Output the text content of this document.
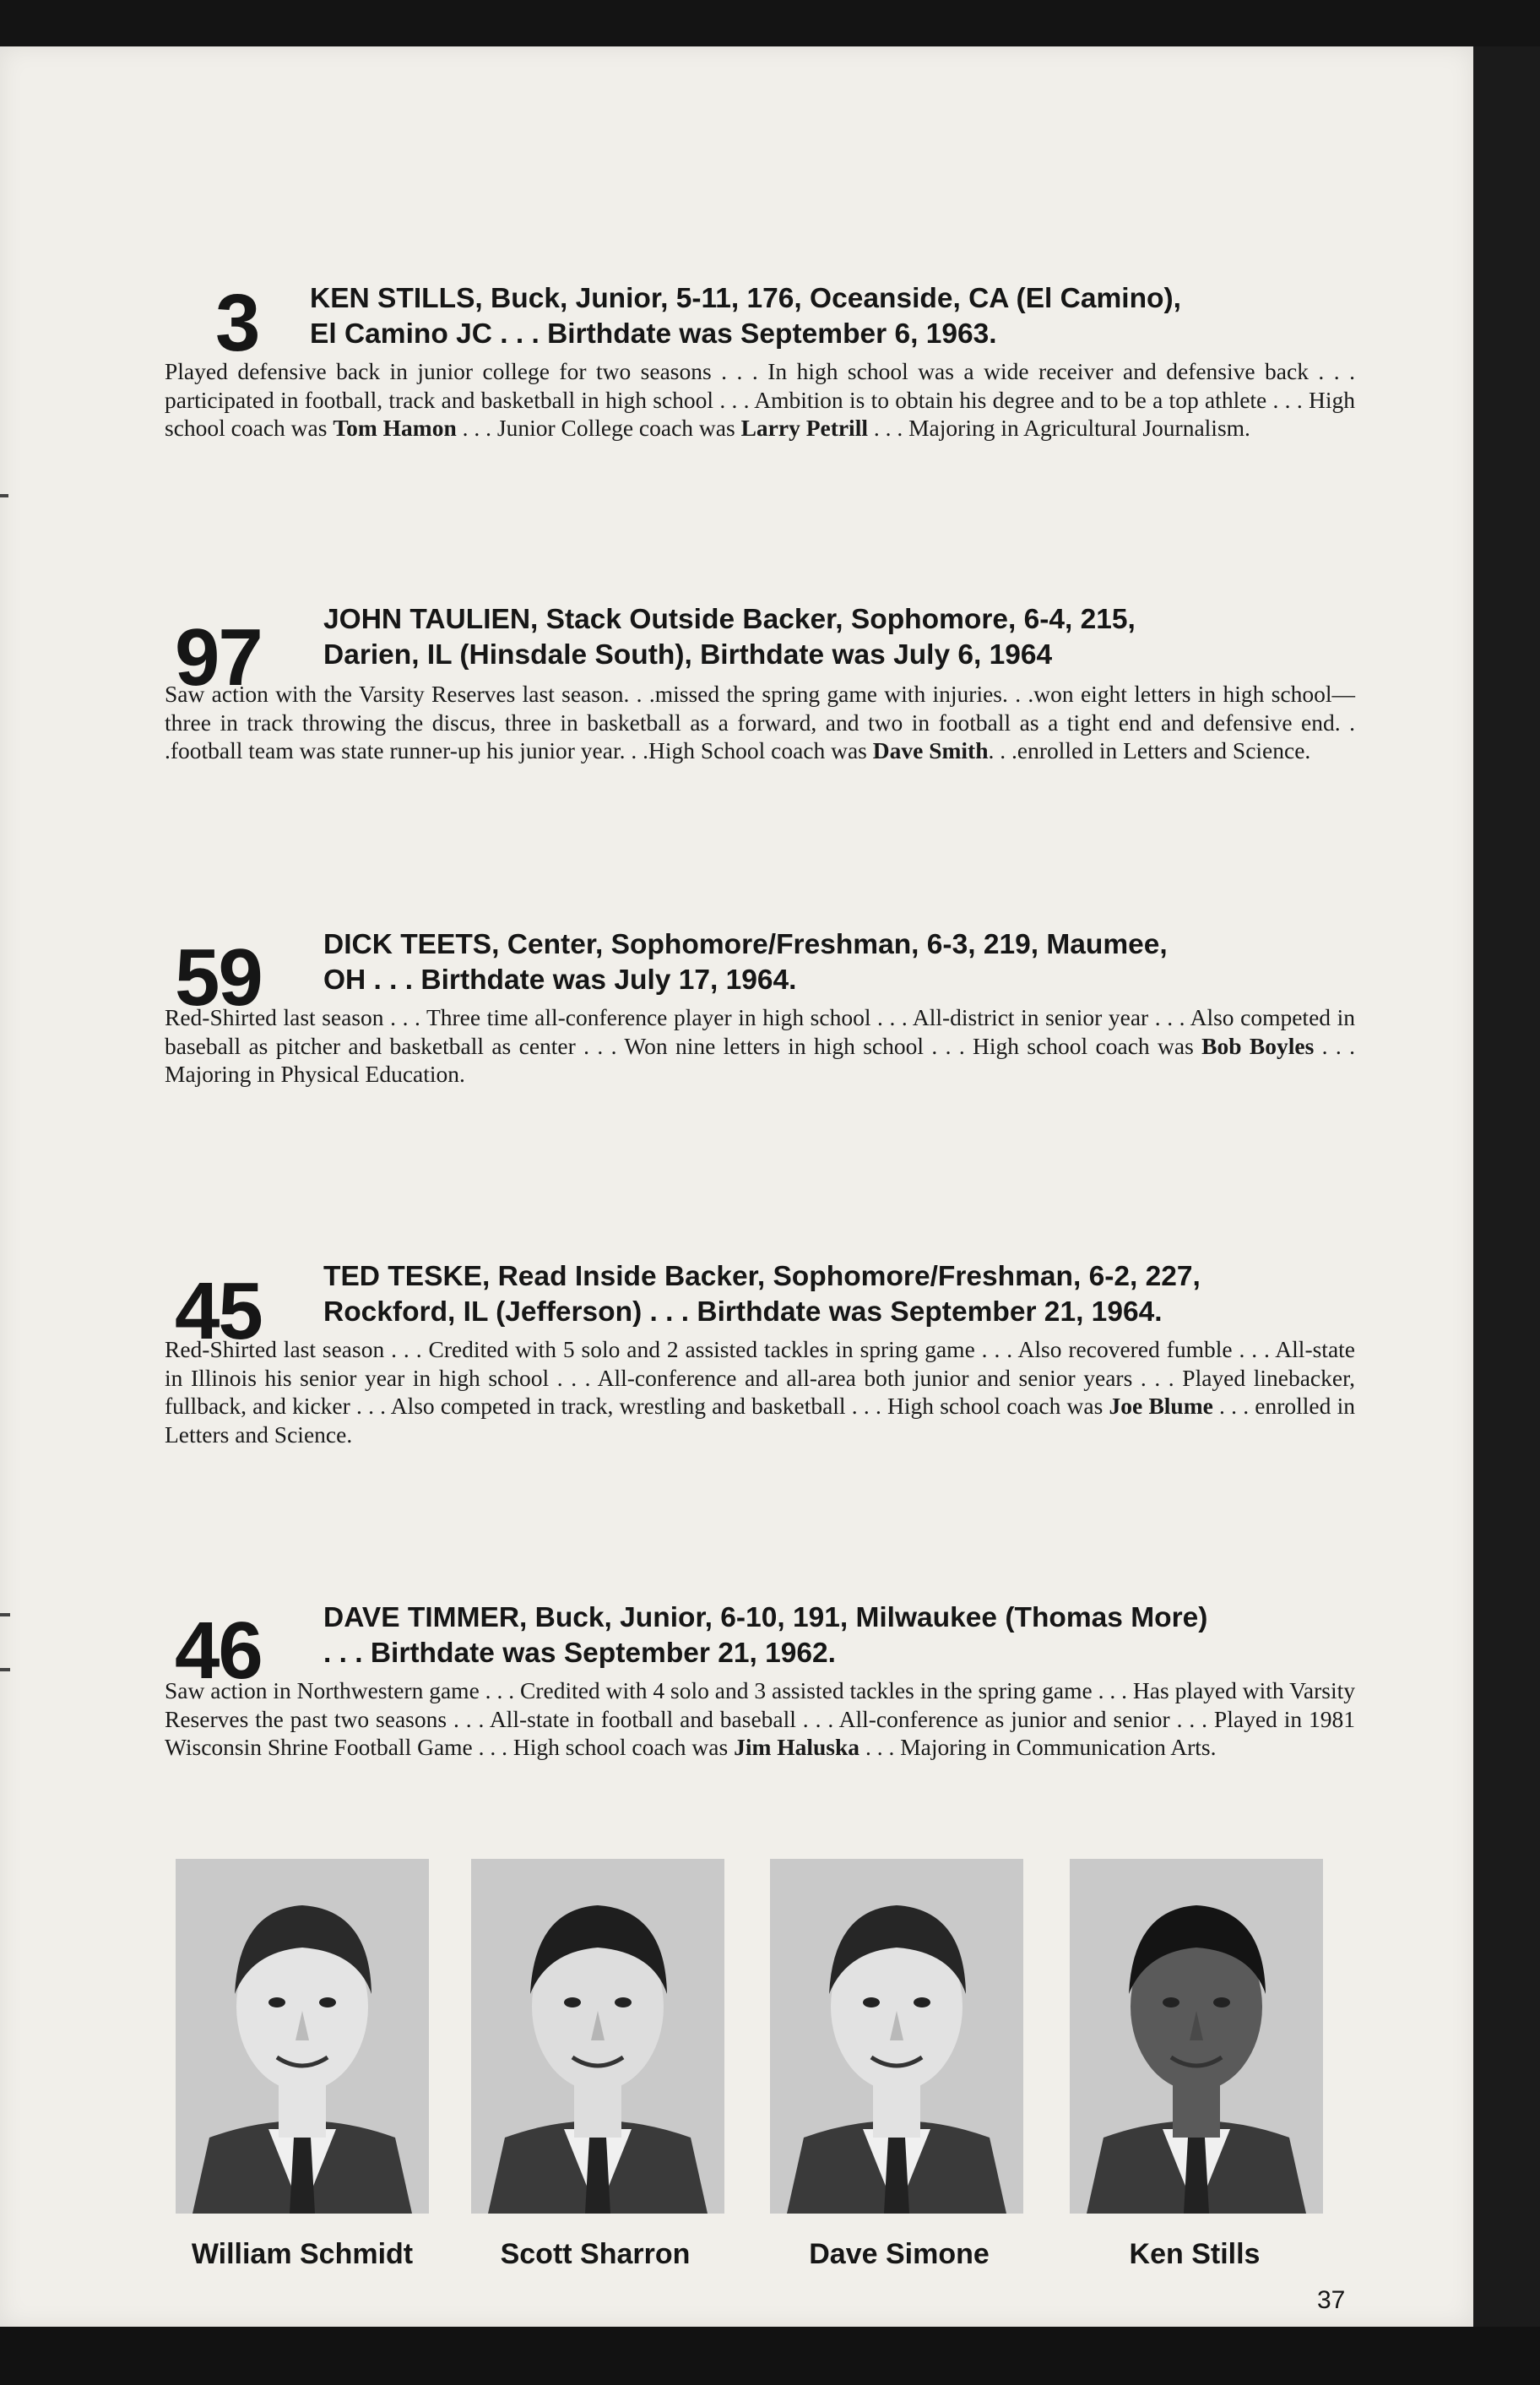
3 KEN STILLS, Buck, Junior, 5-11, 176, Oceanside, CA (El Camino),
El Camino JC . . . Birthdate was September 6, 1963.
Played defensive back in junior college for two seasons . . . In high school was a wide receiver and defensive back . . . participated in football, track and basketball in high school . . . Ambition is to obtain his degree and to be a top athlete . . . High school coach was Tom Hamon . . . Junior College coach was Larry Petrill . . . Majoring in Agricultural Journalism.
97 JOHN TAULIEN, Stack Outside Backer, Sophomore, 6-4, 215,
Darien, IL (Hinsdale South), Birthdate was July 6, 1964
Saw action with the Varsity Reserves last season. . .missed the spring game with injuries. . .won eight letters in high school—three in track throwing the discus, three in basketball as a forward, and two in football as a tight end and defensive end. . .football team was state runner-up his junior year. . .High School coach was Dave Smith. . .enrolled in Letters and Science.
59 DICK TEETS, Center, Sophomore/Freshman, 6-3, 219, Maumee,
OH . . . Birthdate was July 17, 1964.
Red-Shirted last season . . . Three time all-conference player in high school . . . All-district in senior year . . . Also competed in baseball as pitcher and basketball as center . . . Won nine letters in high school . . . High school coach was Bob Boyles . . . Majoring in Physical Education.
45 TED TESKE, Read Inside Backer, Sophomore/Freshman, 6-2, 227,
Rockford, IL (Jefferson) . . . Birthdate was September 21, 1964.
Red-Shirted last season . . . Credited with 5 solo and 2 assisted tackles in spring game . . . Also recovered fumble . . . All-state in Illinois his senior year in high school . . . All-conference and all-area both junior and senior years . . . Played linebacker, fullback, and kicker . . . Also competed in track, wrestling and basketball . . . High school coach was Joe Blume . . . enrolled in Letters and Science.
46 DAVE TIMMER, Buck, Junior, 6-10, 191, Milwaukee (Thomas More)
. . . Birthdate was September 21, 1962.
Saw action in Northwestern game . . . Credited with 4 solo and 3 assisted tackles in the spring game . . . Has played with Varsity Reserves the past two seasons . . . All-state in football and baseball . . . All-conference as junior and senior . . . Played in 1981 Wisconsin Shrine Football Game . . . High school coach was Jim Haluska . . . Majoring in Communication Arts.
William Schmidt	Scott Sharron	Dave Simone	Ken Stills
37
